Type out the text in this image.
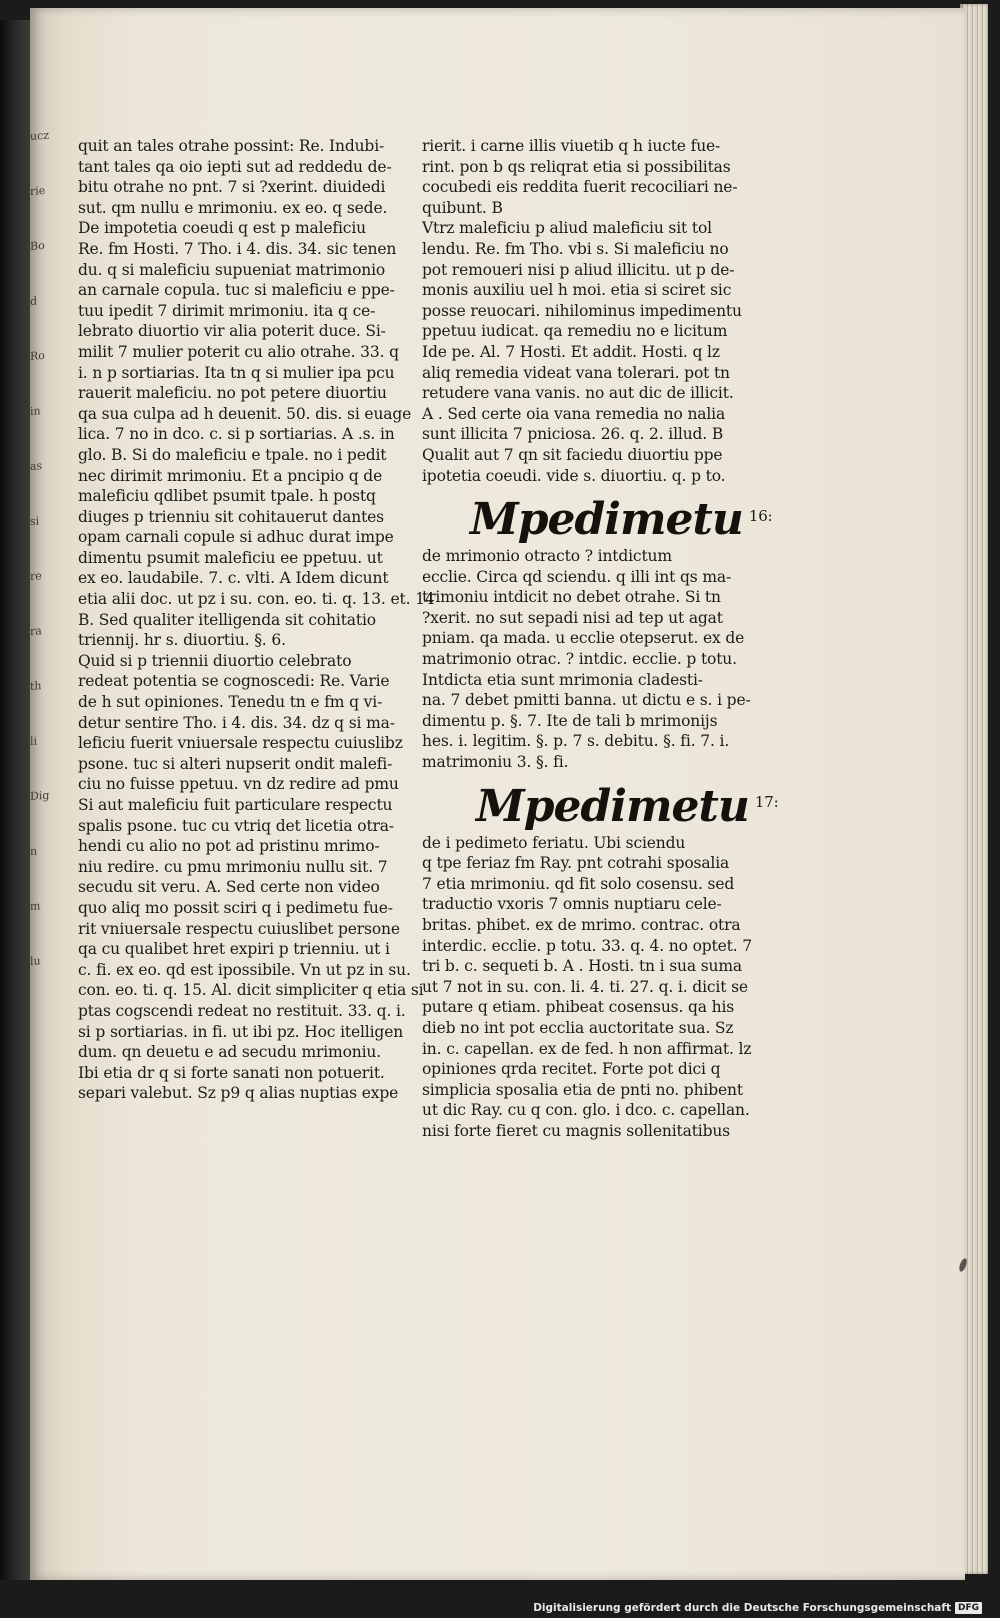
ucz
rie
Bo
d
Ro
in
as
si
re
ra
th
li
Dig
n
m
lu
quit an tales otrahe possint: Re. Indubi-
tant tales qa oio iepti sut ad reddedu de-
bitu otrahe no pnt. 7 si ?xerint. diuidedi
sut. qm nullu e mrimoniu. ex eo. q sede.
De impotetia coeudi q est p maleficiu
Re. fm Hosti. 7 Tho. i 4. dis. 34. sic tenen
du. q si maleficiu supueniat matrimonio
an carnale copula. tuc si maleficiu e ppe-
tuu ipedit 7 dirimit mrimoniu. ita q ce-
lebrato diuortio vir alia poterit duce. Si-
milit 7 mulier poterit cu alio otrahe. 33. q
i. n p sortiarias. Ita tn q si mulier ipa pcu
rauerit maleficiu. no pot petere diuortiu
qa sua culpa ad h deuenit. 50. dis. si euage
lica. 7 no in dco. c. si p sortiarias. A .s. in
glo. B. Si do maleficiu e tpale. no i pedit
nec dirimit mrimoniu. Et a pncipio q de
maleficiu qdlibet psumit tpale. h postq
diuges p trienniu sit cohitauerut dantes
opam carnali copule si adhuc durat impe
dimentu psumit maleficiu ee ppetuu. ut
ex eo. laudabile. 7. c. vlti. A Idem dicunt
etia alii doc. ut pz i su. con. eo. ti. q. 13. et. 14
B. Sed qualiter itelligenda sit cohitatio
triennij. hr s. diuortiu. §. 6.
Quid si p triennii diuortio celebrato
redeat potentia se cognoscedi: Re. Varie
de h sut opiniones. Tenedu tn e fm q vi-
detur sentire Tho. i 4. dis. 34. dz q si ma-
leficiu fuerit vniuersale respectu cuiuslibz
psone. tuc si alteri nupserit ondit malefi-
ciu no fuisse ppetuu. vn dz redire ad pmu
Si aut maleficiu fuit particulare respectu
spalis psone. tuc cu vtriq det licetia otra-
hendi cu alio no pot ad pristinu mrimo-
niu redire. cu pmu mrimoniu nullu sit. 7
secudu sit veru. A. Sed certe non video
quo aliq mo possit sciri q i pedimetu fue-
rit vniuersale respectu cuiuslibet persone
qa cu qualibet hret expiri p trienniu. ut i
c. fi. ex eo. qd est ipossibile. Vn ut pz in su.
con. eo. ti. q. 15. Al. dicit simpliciter q etia si
ptas cogscendi redeat no restituit. 33. q. i.
si p sortiarias. in fi. ut ibi pz. Hoc itelligen
dum. qn deuetu e ad secudu mrimoniu.
Ibi etia dr q si forte sanati non potuerit.
separi valebut. Sz p9 q alias nuptias expe
rierit. i carne illis viuetib q h iucte fue-
rint. pon b qs reliqrat etia si possibilitas
cocubedi eis reddita fuerit recociliari ne-
quibunt. B
Vtrz maleficiu p aliud maleficiu sit tol
lendu. Re. fm Tho. vbi s. Si maleficiu no
pot remoueri nisi p aliud illicitu. ut p de-
monis auxiliu uel h moi. etia si sciret sic
posse reuocari. nihilominus impedimentu
ppetuu iudicat. qa remediu no e licitum
Ide pe. Al. 7 Hosti. Et addit. Hosti. q lz
aliq remedia videat vana tolerari. pot tn
retudere vana vanis. no aut dic de illicit.
A . Sed certe oia vana remedia no nalia
sunt illicita 7 pniciosa. 26. q. 2. illud. B
Qualit aut 7 qn sit faciedu diuortiu ppe
ipotetia coeudi. vide s. diuortiu. q. p to.
Mpedimetu 16:
de mrimonio otracto ? intdictum
ecclie. Circa qd sciendu. q illi int qs ma-
trimoniu intdicit no debet otrahe. Si tn
?xerit. no sut sepadi nisi ad tep ut agat
pniam. qa mada. u ecclie otepserut. ex de
matrimonio otrac. ? intdic. ecclie. p totu.
Intdicta etia sunt mrimonia cladesti-
na. 7 debet pmitti banna. ut dictu e s. i pe-
dimentu p. §. 7. Ite de tali b mrimonijs
hes. i. legitim. §. p. 7 s. debitu. §. fi. 7. i.
matrimoniu 3. §. fi.
Mpedimetu 17:
de i pedimeto feriatu. Ubi sciendu
q tpe feriaz fm Ray. pnt cotrahi sposalia
7 etia mrimoniu. qd fit solo cosensu. sed
traductio vxoris 7 omnis nuptiaru cele-
britas. phibet. ex de mrimo. contrac. otra
interdic. ecclie. p totu. 33. q. 4. no optet. 7
tri b. c. sequeti b. A . Hosti. tn i sua suma
ut 7 not in su. con. li. 4. ti. 27. q. i. dicit se
putare q etiam. phibeat cosensus. qa his
dieb no int pot ecclia auctoritate sua. Sz
in. c. capellan. ex de fed. h non affirmat. lz
opiniones qrda recitet. Forte pot dici q
simplicia sposalia etia de pnti no. phibent
ut dic Ray. cu q con. glo. i dco. c. capellan.
nisi forte fieret cu magnis sollenitatibus
Digitalisierung gefördert durch die Deutsche Forschungsgemeinschaft DFG
